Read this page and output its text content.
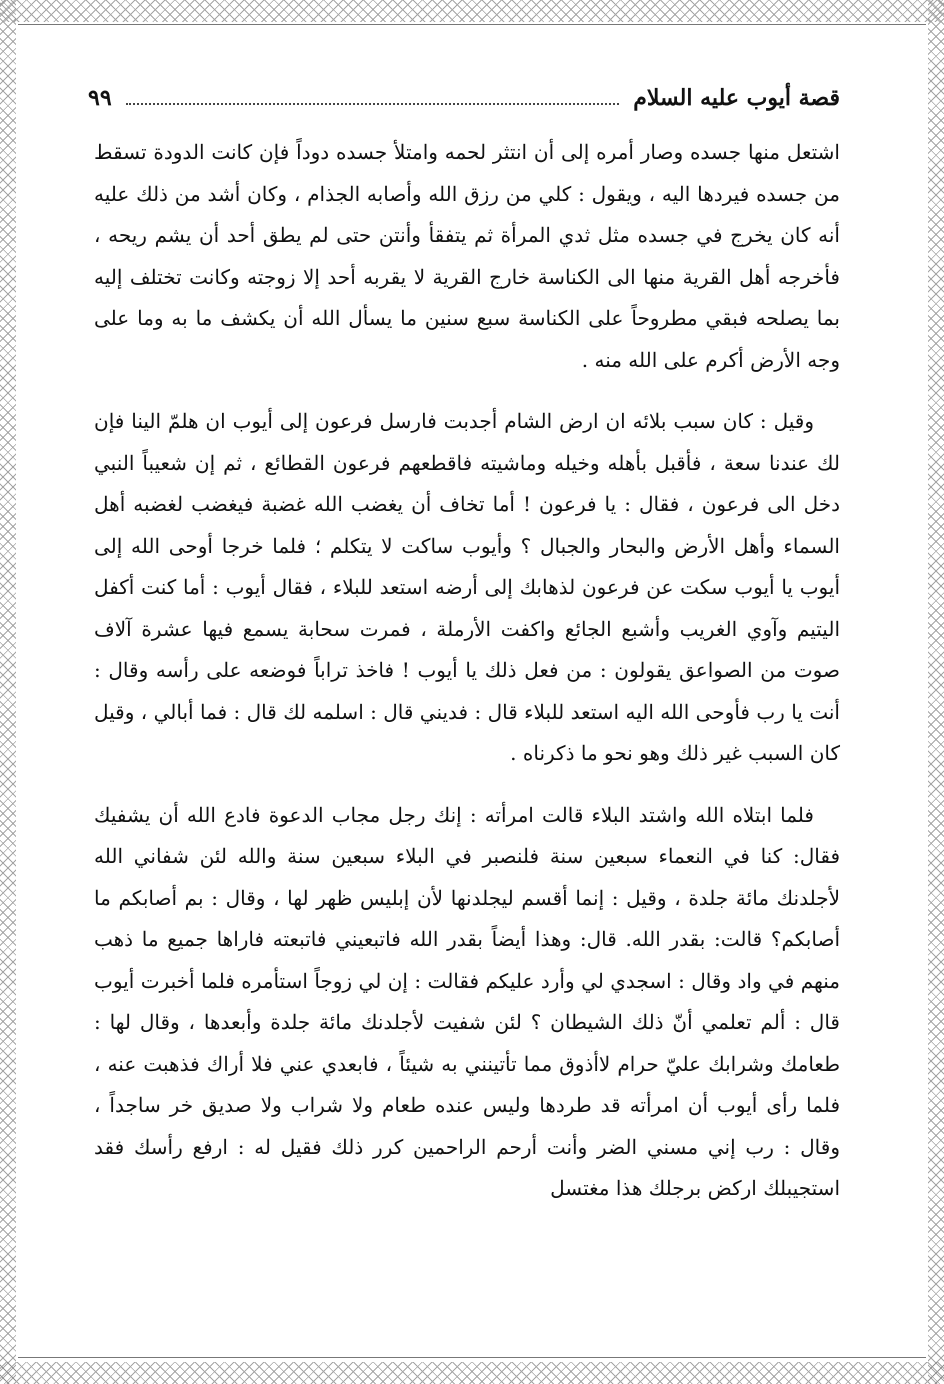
قصة أيوب عليه السلام
٩٩

اشتعل منها جسده وصار أمره إلى أن انتثر لحمه وامتلأ جسده دوداً فإن كانت الدودة تسقط من جسده فيردها اليه ، ويقول : كلي من رزق الله وأصابه الجذام ، وكان أشد من ذلك عليه أنه كان يخرج في جسده مثل ثدي المرأة ثم يتفقأ وأنتن حتى لم يطق أحد أن يشم ريحه ، فأخرجه أهل القرية منها الى الكناسة خارج القرية لا يقربه أحد إلا زوجته وكانت تختلف إليه بما يصلحه فبقي مطروحاً على الكناسة سبع سنين ما يسأل الله أن يكشف ما به وما على وجه الأرض أكرم على الله منه .

وقيل : كان سبب بلائه ان ارض الشام أجدبت فارسل فرعون إلى أيوب ان هلمّ الينا فإن لك عندنا سعة ، فأقبل بأهله وخيله وماشيته فاقطعهم فرعون القطائع ، ثم إن شعيباً النبي دخل الى فرعون ، فقال : يا فرعون ! أما تخاف أن يغضب الله غضبة فيغضب لغضبه أهل السماء وأهل الأرض والبحار والجبال ؟ وأيوب ساكت لا يتكلم ؛ فلما خرجا أوحى الله إلى أيوب يا أيوب سكت عن فرعون لذهابك إلى أرضه استعد للبلاء ، فقال أيوب : أما كنت أكفل اليتيم وآوي الغريب وأشبع الجائع واكفت الأرملة ، فمرت سحابة يسمع فيها عشرة آلاف صوت من الصواعق يقولون : من فعل ذلك يا أيوب ! فاخذ تراباً فوضعه على رأسه وقال : أنت يا رب فأوحى الله اليه استعد للبلاء قال : فديني قال : اسلمه لك قال : فما أبالي ، وقيل كان السبب غير ذلك وهو نحو ما ذكرناه .

فلما ابتلاه الله واشتد البلاء قالت امرأته : إنك رجل مجاب الدعوة فادع الله أن يشفيك فقال: كنا في النعماء سبعين سنة فلنصبر في البلاء سبعين سنة والله لئن شفاني الله لأجلدنك مائة جلدة ، وقيل : إنما أقسم ليجلدنها لأن إبليس ظهر لها ، وقال : بم أصابكم ما أصابكم؟ قالت: بقدر الله. قال: وهذا أيضاً بقدر الله فاتبعيني فاتبعته فاراها جميع ما ذهب منهم في واد وقال : اسجدي لي وأرد عليكم فقالت : إن لي زوجاً استأمره فلما أخبرت أيوب قال : ألم تعلمي أنّ ذلك الشيطان ؟ لئن شفيت لأجلدنك مائة جلدة وأبعدها ، وقال لها : طعامك وشرابك عليّ حرام لاأذوق مما تأتينني به شيئاً ، فابعدي عني فلا أراك فذهبت عنه ، فلما رأى أيوب أن امرأته قد طردها وليس عنده طعام ولا شراب ولا صديق خر ساجداً ، وقال : رب إني مسني الضر وأنت أرحم الراحمين كرر ذلك فقيل له : ارفع رأسك فقد استجيبلك اركض برجلك هذا مغتسل
